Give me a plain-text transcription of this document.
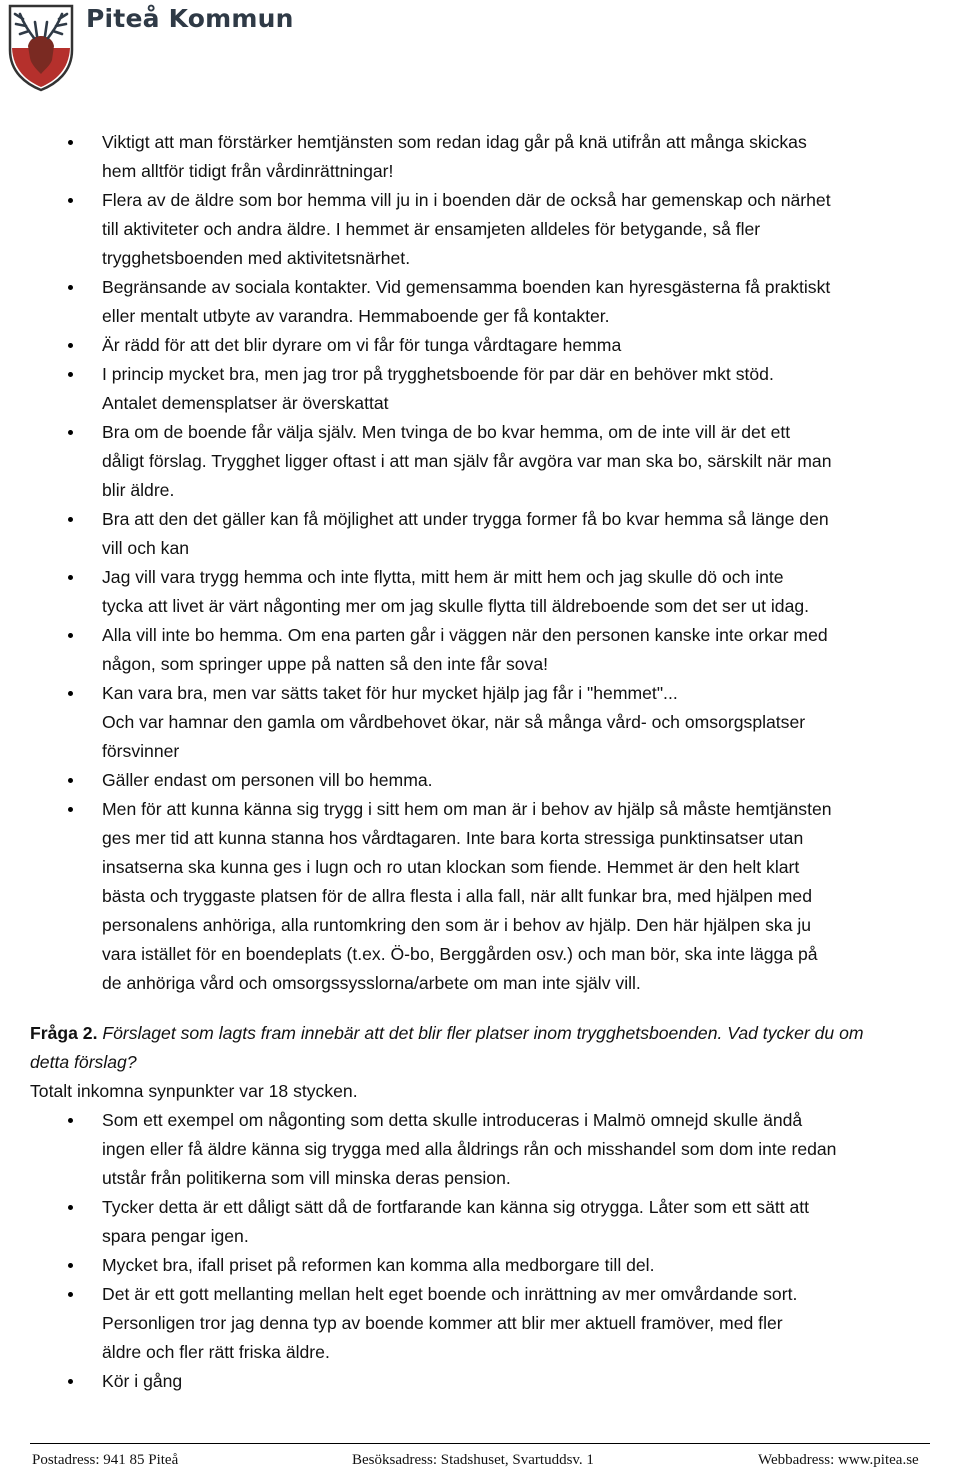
Piteå Kommun
Viktigt att man förstärker hemtjänsten som redan idag går på knä utifrån att många skickas
hem alltför tidigt från vårdinrättningar!
Flera av de äldre som bor hemma vill ju in i boenden där de också har gemenskap och närhet
till aktiviteter och andra äldre. I hemmet är ensamjeten alldeles för betygande, så fler
trygghetsboenden med aktivitetsnärhet.
Begränsande av sociala kontakter. Vid gemensamma boenden kan hyresgästerna få praktiskt
eller mentalt utbyte av varandra. Hemmaboende ger få kontakter.
Är rädd för att det blir dyrare om vi får för tunga vårdtagare hemma
I princip mycket bra, men jag tror på trygghetsboende för par där en behöver mkt stöd.
Antalet demensplatser är överskattat
Bra om de boende får välja själv. Men tvinga de bo kvar hemma, om de inte vill är det ett
dåligt förslag. Trygghet ligger oftast i att man själv får avgöra var man ska bo, särskilt när man
blir äldre.
Bra att den det gäller kan få möjlighet att under trygga former få bo kvar hemma så länge den
vill och kan
Jag vill vara trygg hemma och inte flytta, mitt hem är mitt hem och jag skulle dö och inte
tycka att livet är värt någonting mer om jag skulle flytta till äldreboende som det ser ut idag.
Alla vill inte bo hemma. Om ena parten går i väggen när den personen kanske inte orkar med
någon, som springer uppe på natten så den inte får sova!
Kan vara bra, men var sätts taket för hur mycket hjälp jag får i "hemmet"...
Och var hamnar den gamla om vårdbehovet ökar, när så många vård- och omsorgsplatser
försvinner
Gäller endast om personen vill bo hemma.
Men för att kunna känna sig trygg i sitt hem om man är i behov av hjälp så måste hemtjänsten
ges mer tid att kunna stanna hos vårdtagaren. Inte bara korta stressiga punktinsatser utan
insatserna ska kunna ges i lugn och ro utan klockan som fiende. Hemmet är den helt klart
bästa och tryggaste platsen för de allra flesta i alla fall, när allt funkar bra, med hjälpen med
personalens anhöriga, alla runtomkring den som är i behov av hjälp. Den här hjälpen ska ju
vara istället för en boendeplats (t.ex. Ö-bo, Berggården osv.) och man bör, ska inte lägga på
de anhöriga vård och omsorgssysslorna/arbete om man inte själv vill.
Fråga 2. Förslaget som lagts fram innebär att det blir fler platser inom trygghetsboenden. Vad tycker du om
detta förslag?
Totalt inkomna synpunkter var 18 stycken.
Som ett exempel om någonting som detta skulle introduceras i Malmö omnejd skulle ändå
ingen eller få äldre känna sig trygga med alla åldrings rån och misshandel som dom inte redan
utstår från politikerna som vill minska deras pension.
Tycker detta är ett dåligt sätt då de fortfarande kan känna sig otrygga. Låter som ett sätt att
spara pengar igen.
Mycket bra, ifall priset på reformen kan komma alla medborgare till del.
Det är ett gott mellanting mellan helt eget boende och inrättning av mer omvårdande sort.
Personligen tror jag denna typ av boende kommer att blir mer aktuell framöver, med fler
äldre och fler rätt friska äldre.
Kör i gång
Postadress: 941 85 Piteå	Besöksadress: Stadshuset, Svartuddsv. 1	Webbadress: www.pitea.se
